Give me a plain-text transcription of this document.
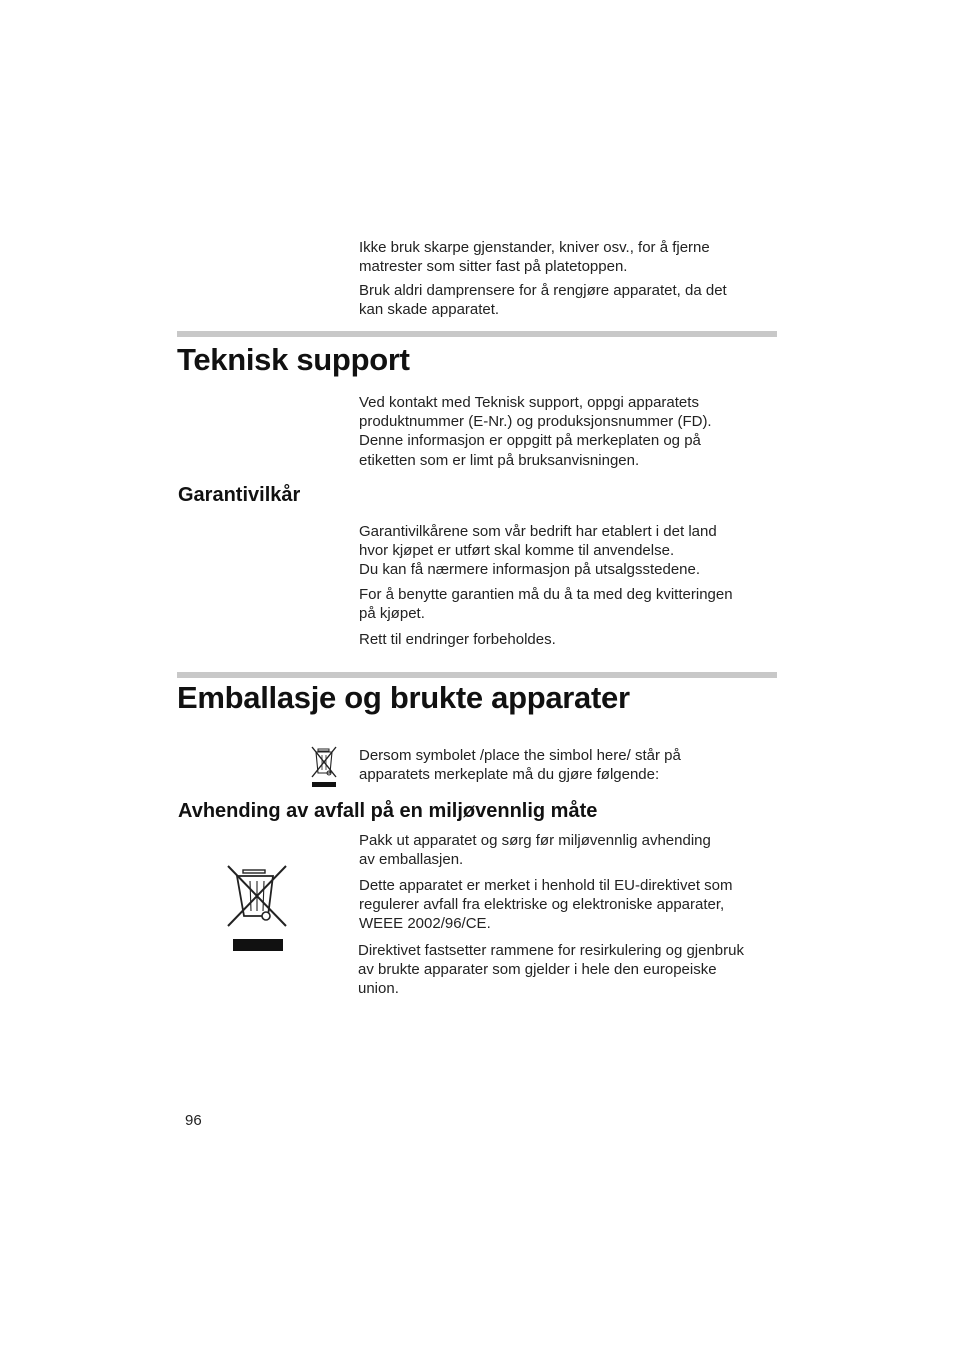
Ikke bruk skarpe gjenstander, kniver osv., for å fjerne
matrester som sitter fast på platetoppen.

Bruk aldri damprensere for å rengjøre apparatet, da det
kan skade apparatet.

Teknisk support

Ved kontakt med Teknisk support, oppgi apparatets
produktnummer (E-Nr.) og produksjonsnummer (FD).
Denne informasjon er oppgitt på merkeplaten og på
etiketten som er limt på bruksanvisningen.

Garantivilkår

Garantivilkårene som vår bedrift har etablert i det land
hvor kjøpet er utført skal komme til anvendelse.
Du kan få nærmere informasjon på utsalgsstedene.

For å benytte garantien må du å ta med deg kvitteringen
på kjøpet.

Rett til endringer forbeholdes.

Emballasje og brukte apparater

Dersom symbolet /place the simbol here/ står på
apparatets merkeplate må du gjøre følgende:

Avhending av avfall på en miljøvennlig måte

Pakk ut apparatet og sørg før miljøvennlig avhending
av emballasjen.

Dette apparatet er merket i henhold til EU-direktivet som
regulerer avfall fra elektriske og elektroniske apparater,
WEEE 2002/96/CE.

Direktivet fastsetter rammene for resirkulering og gjenbruk
av brukte apparater som gjelder i hele den europeiske
union.

96
